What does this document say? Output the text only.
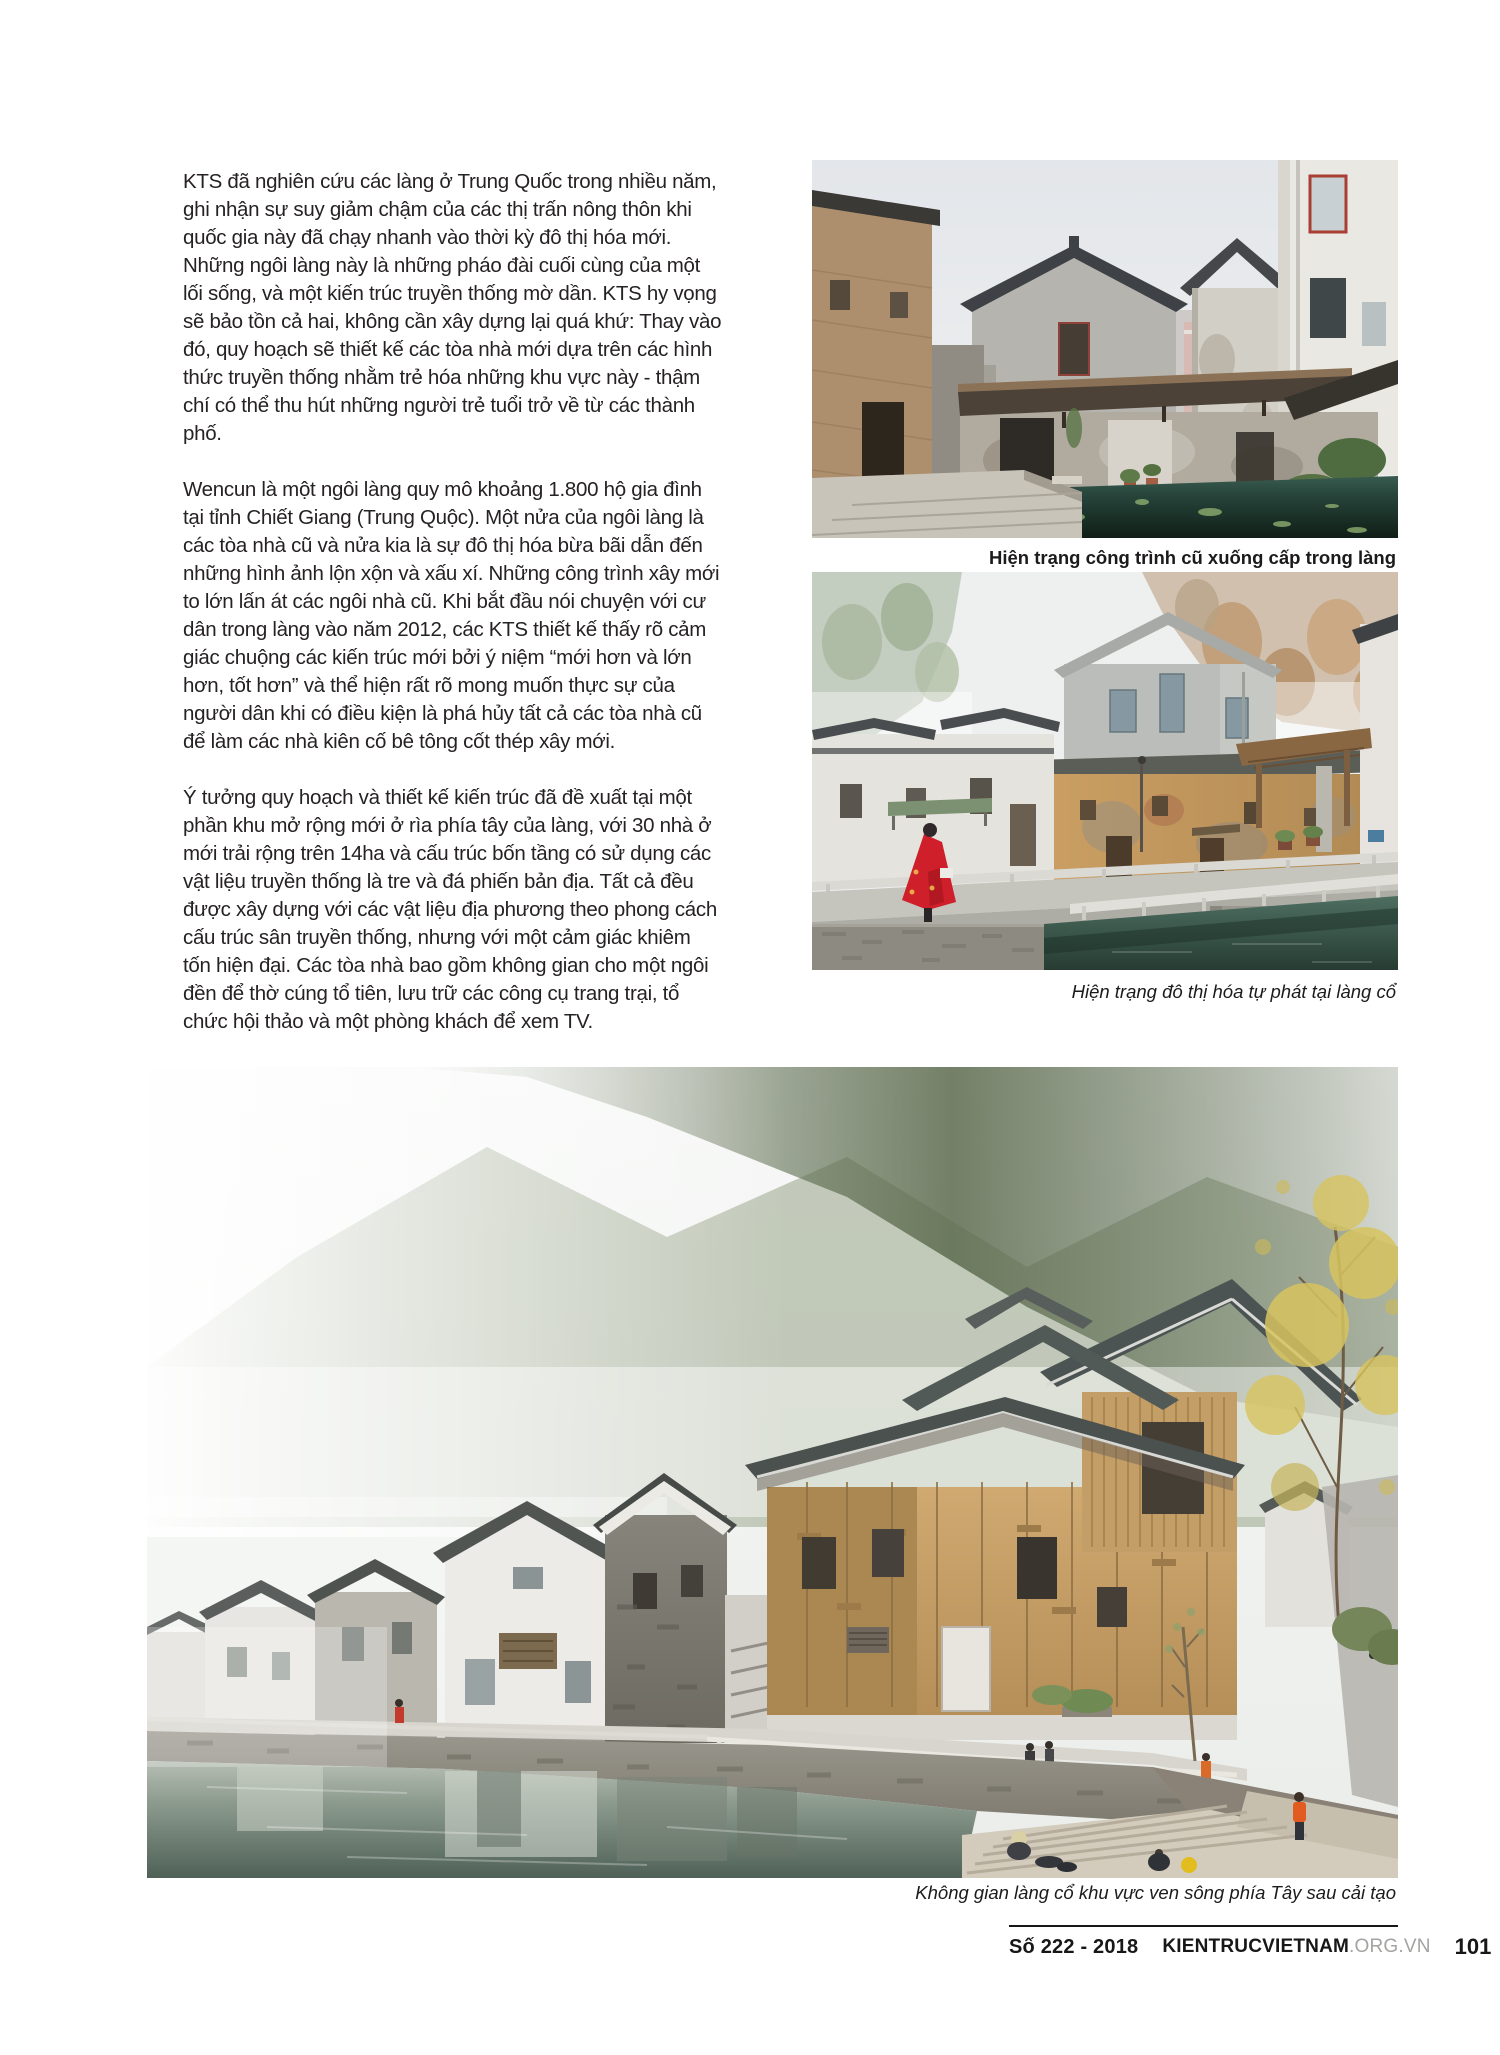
KTS đã nghiên cứu các làng ở Trung Quốc trong nhiều năm, ghi nhận sự suy giảm chậm của các thị trấn nông thôn khi quốc gia này đã chạy nhanh vào thời kỳ đô thị hóa mới. Những ngôi làng này là những pháo đài cuối cùng của một lối sống, và một kiến trúc truyền thống mờ dần. KTS hy vọng sẽ bảo tồn cả hai, không cần xây dựng lại quá khứ: Thay vào đó, quy hoạch sẽ thiết kế các tòa nhà mới dựa trên các hình thức truyền thống nhằm trẻ hóa những khu vực này - thậm chí có thể thu hút những người trẻ tuổi trở về từ các thành phố.

Wencun là một ngôi làng quy mô khoảng 1.800 hộ gia đình tại tỉnh Chiết Giang (Trung Quộc). Một nửa của ngôi làng là các tòa nhà cũ và nửa kia là sự đô thị hóa bừa bãi dẫn đến những hình ảnh lộn xộn và xấu xí. Những công trình xây mới to lớn lấn át các ngôi nhà cũ. Khi bắt đầu nói chuyện với cư dân trong làng vào năm 2012, các KTS thiết kế thấy rõ cảm giác chuộng các kiến trúc mới bởi ý niệm “mới hơn và lớn hơn, tốt hơn” và thể hiện rất rõ mong muốn thực sự của người dân khi có điều kiện là phá hủy tất cả các tòa nhà cũ để làm các nhà kiên cố bê tông cốt thép xây mới.

Ý tưởng quy hoạch và thiết kế kiến trúc đã đề xuất tại một phần khu mở rộng mới ở rìa phía tây của làng, với 30 nhà ở mới trải rộng trên 14ha và cấu trúc bốn tầng có sử dụng các vật liệu truyền thống là tre và đá phiến bản địa. Tất cả đều được xây dựng với các vật liệu địa phương theo phong cách cấu trúc sân truyền thống, nhưng với một cảm giác khiêm tốn hiện đại. Các tòa nhà bao gồm không gian cho một ngôi đền để thờ cúng tổ tiên, lưu trữ các công cụ trang trại, tổ chức hội thảo và một phòng khách để xem TV.

Hiện trạng công trình cũ xuống cấp trong làng
Hiện trạng đô thị hóa tự phát tại làng cổ
Không gian làng cổ khu vực ven sông phía Tây sau cải tạo
Số 222 - 2018 KIENTRUCVIETNAM.ORG.VN 101
